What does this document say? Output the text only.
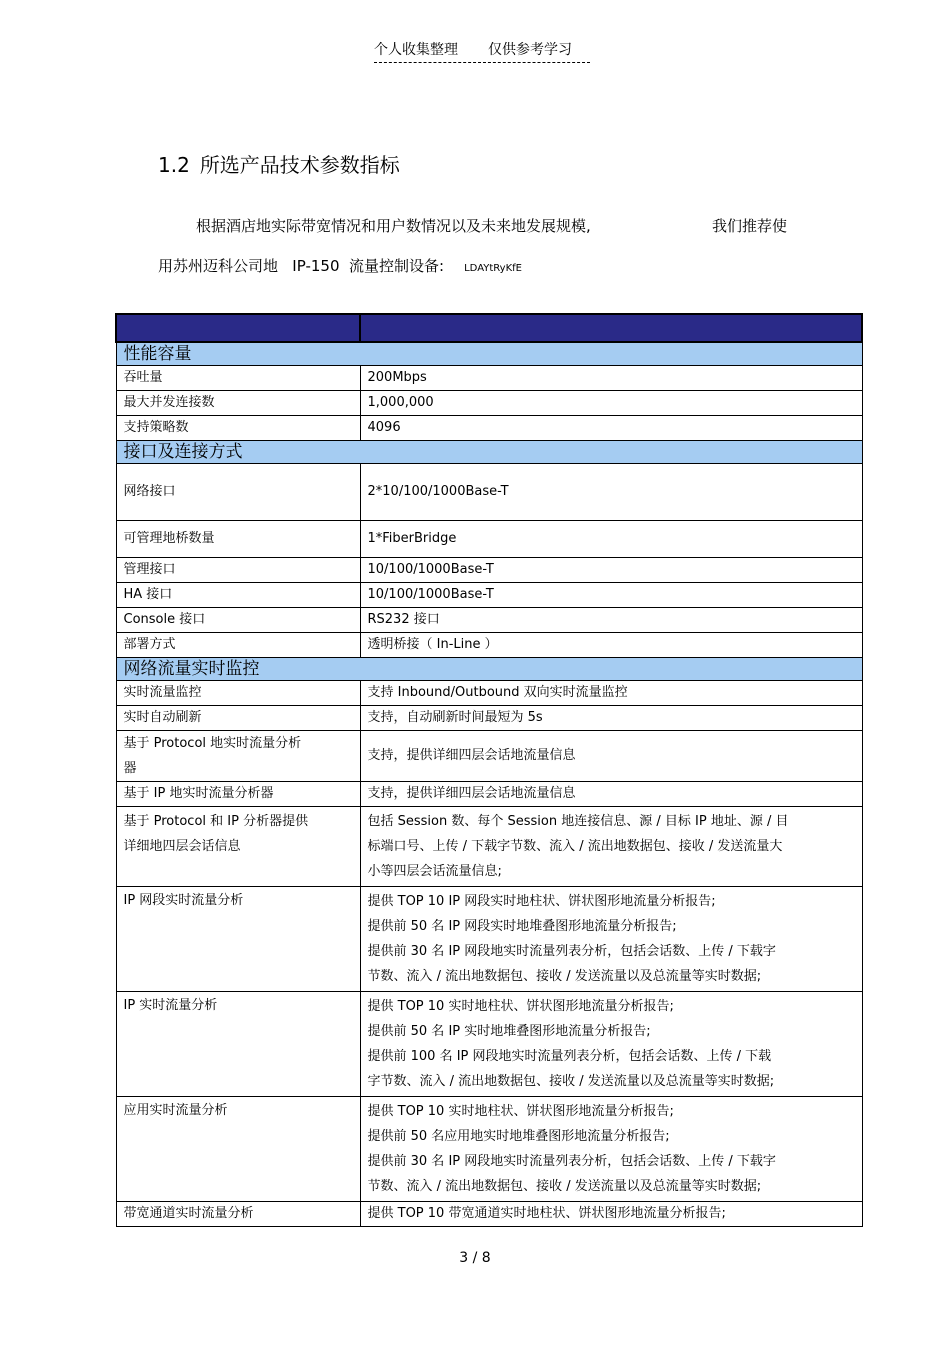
个人收集整理 仅供参考学习
1.2 所选产品技术参数指标
根据酒店地实际带宽情况和用户数情况以及未来地发展规模,	我们推荐使
用苏州迈科公司地   IP-150  流量控制设备: LDAYtRyKfE

性能容量	
吞吐量	200Mbps
最大并发连接数	1,000,000
支持策略数	4096
接口及连接方式	
网络接口	2*10/100/1000Base-T
可管理地桥数量	1*FiberBridge
管理接口	10/100/1000Base-T
HA 接口	10/100/1000Base-T
Console 接口	RS232 接口
部署方式	透明桥接（ In-Line ）
网络流量实时监控	
实时流量监控	支持 Inbound/Outbound 双向实时流量监控
实时自动刷新	支持，自动刷新时间最短为 5s

基于 Protocol 地实时流量分析
器	支持，提供详细四层会话地流量信息
基于 IP 地实时流量分析器	支持，提供详细四层会话地流量信息

基于 Protocol 和 IP 分析器提供
详细地四层会话信息	包括 Session 数、每个 Session 地连接信息、源 / 目标 IP 地址、源 / 目
标端口号、上传 / 下载字节数、流入 / 流出地数据包、接收 / 发送流量大
小等四层会话流量信息;

IP 网段实时流量分析	提供 TOP 10 IP 网段实时地柱状、饼状图形地流量分析报告;
提供前 50 名 IP 网段实时地堆叠图形地流量分析报告;
提供前 30 名 IP 网段地实时流量列表分析，包括会话数、上传 / 下载字
节数、流入 / 流出地数据包、接收 / 发送流量以及总流量等实时数据;

IP 实时流量分析	提供 TOP 10 实时地柱状、饼状图形地流量分析报告;
提供前 50 名 IP 实时地堆叠图形地流量分析报告;
提供前 100 名 IP 网段地实时流量列表分析，包括会话数、上传 / 下载
字节数、流入 / 流出地数据包、接收 / 发送流量以及总流量等实时数据;

应用实时流量分析	提供 TOP 10 实时地柱状、饼状图形地流量分析报告;
提供前 50 名应用地实时地堆叠图形地流量分析报告;
提供前 30 名 IP 网段地实时流量列表分析，包括会话数、上传 / 下载字
节数、流入 / 流出地数据包、接收 / 发送流量以及总流量等实时数据;

带宽通道实时流量分析	提供 TOP 10 带宽通道实时地柱状、饼状图形地流量分析报告;
3 / 8
